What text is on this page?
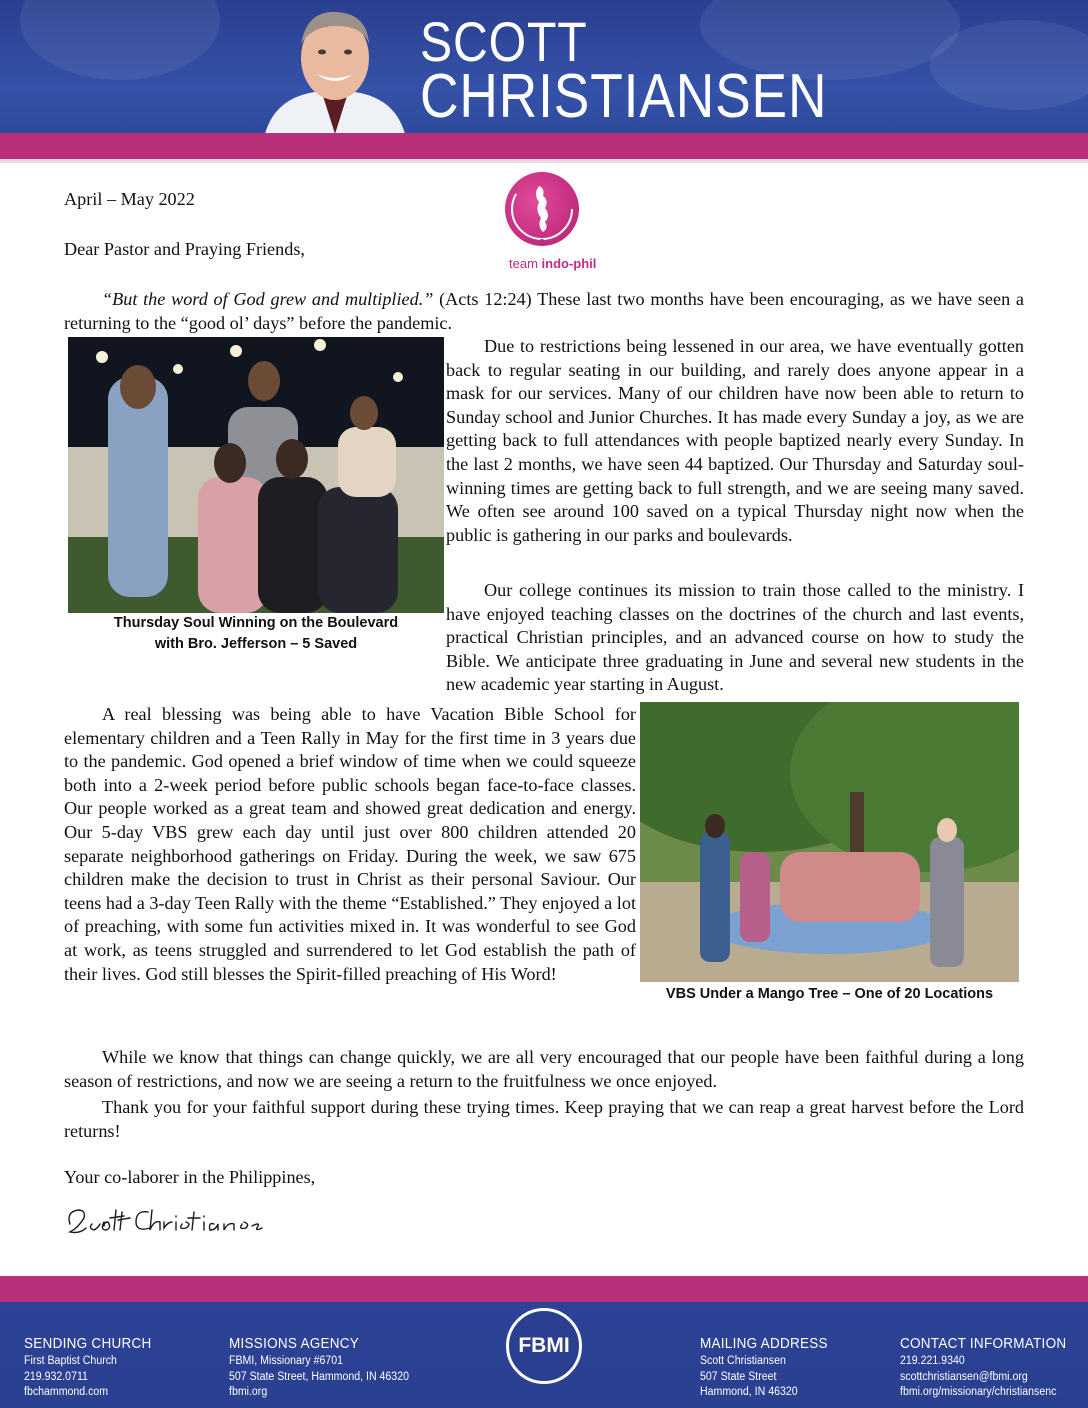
SCOTT
CHRISTIANSEN
team indo-phil
April – May 2022
Dear Pastor and Praying Friends,
“But the word of God grew and multiplied.” (Acts 12:24) These last two months have been encouraging, as we have seen a returning to the “good ol’ days” before the pandemic.
Thursday Soul Winning on the Boulevard
with Bro. Jefferson – 5 Saved
Due to restrictions being lessened in our area, we have eventually gotten back to regular seating in our building, and rarely does anyone appear in a mask for our services. Many of our children have now been able to return to Sunday school and Junior Churches. It has made every Sunday a joy, as we are getting back to full attendances with people baptized nearly every Sunday. In the last 2 months, we have seen 44 baptized. Our Thursday and Saturday soul-winning times are getting back to full strength, and we are seeing many saved. We often see around 100 saved on a typical Thursday night now when the public is gathering in our parks and boulevards.
Our college continues its mission to train those called to the ministry. I have enjoyed teaching classes on the doctrines of the church and last events, practical Christian principles, and an advanced course on how to study the Bible. We anticipate three graduating in June and several new students in the new academic year starting in August.
VBS Under a Mango Tree – One of 20 Locations
A real blessing was being able to have Vacation Bible School for elementary children and a Teen Rally in May for the first time in 3 years due to the pandemic. God opened a brief window of time when we could squeeze both into a 2-week period before public schools began face-to-face classes. Our people worked as a great team and showed great dedication and energy. Our 5-day VBS grew each day until just over 800 children attended 20 separate neighborhood gatherings on Friday. During the week, we saw 675 children make the decision to trust in Christ as their personal Saviour. Our teens had a 3-day Teen Rally with the theme “Established.” They enjoyed a lot of preaching, with some fun activities mixed in. It was wonderful to see God at work, as teens struggled and surrendered to let God establish the path of their lives. God still blesses the Spirit-filled preaching of His Word!
While we know that things can change quickly, we are all very encouraged that our people have been faithful during a long season of restrictions, and now we are seeing a return to the fruitfulness we once enjoyed.
Thank you for your faithful support during these trying times. Keep praying that we can reap a great harvest before the Lord returns!
Your co-laborer in the Philippines,
SENDING CHURCH
First Baptist Church
219.932.0711
fbchammond.com
MISSIONS AGENCY
FBMI, Missionary #6701
507 State Street, Hammond, IN 46320
fbmi.org
FBMI	MAILING ADDRESS
Scott Christiansen
507 State Street
Hammond, IN 46320
CONTACT INFORMATION
219.221.9340
scottchristiansen@fbmi.org
fbmi.org/missionary/christiansenc
